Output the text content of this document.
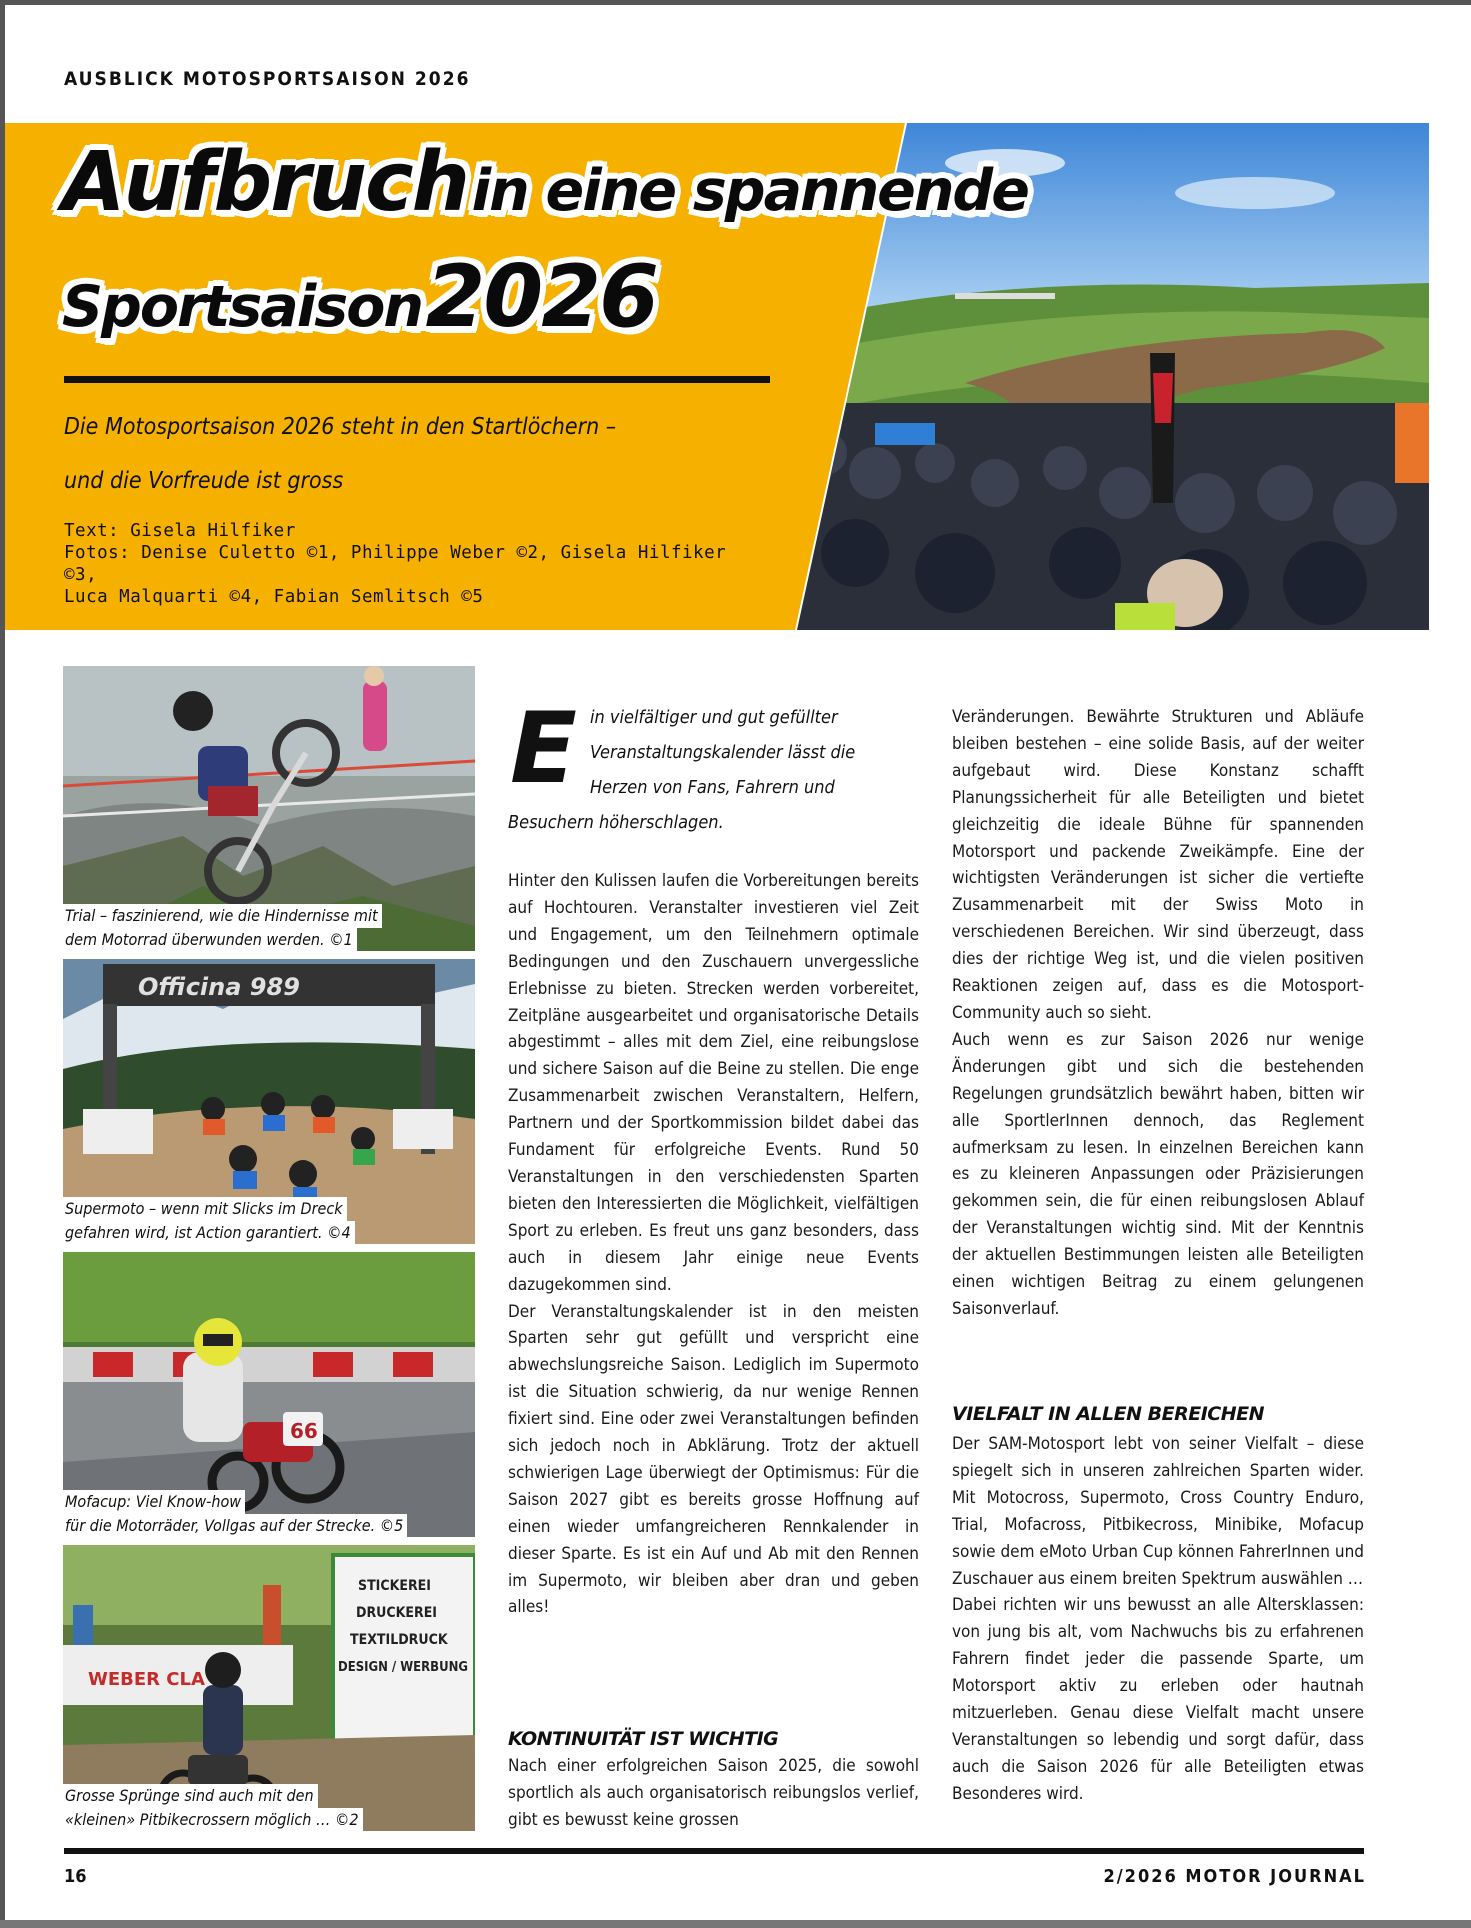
AUSBLICK MOTOSPORTSAISON 2026

Aufbruch in eine spannende
Sportsaison 2026
Die Motosportsaison 2026 steht in den Startlöchern –
und die Vorfreude ist gross
Text: Gisela Hilfiker
Fotos: Denise Culetto ©1, Philippe Weber ©2, Gisela Hilfiker ©3,
Luca Malquarti ©4, Fabian Semlitsch ©5
Trial – faszinierend, wie die Hindernisse mit
dem Motorrad überwunden werden. ©1
Officina 989
Supermoto – wenn mit Slicks im Dreck
gefahren wird, ist Action garantiert. ©4
66
Mofacup: Viel Know-how
für die Motorräder, Vollgas auf der Strecke. ©5
WEBER CLA
STICKEREI
DRUCKEREI
TEXTILDRUCK
DESIGN / WERBUNG
Grosse Sprünge sind auch mit den
«kleinen» Pitbikecrossern möglich … ©2
E in vielfältiger und gut gefüllter
Veranstaltungskalender lässt die
Herzen von Fans, Fahrern und
Besuchern höherschlagen.

Hinter den Kulissen laufen die Vorbereitungen bereits auf Hochtouren. Veranstalter investieren viel Zeit und Engagement, um den Teilnehmern optimale Bedingungen und den Zuschauern unvergessliche Erlebnisse zu bieten. Strecken werden vorbereitet, Zeitpläne ausgearbeitet und organisatorische Details abgestimmt – alles mit dem Ziel, eine reibungslose und sichere Saison auf die Beine zu stellen. Die enge Zusammenarbeit zwischen Veranstaltern, Helfern, Partnern und der Sportkommission bildet dabei das Fundament für erfolgreiche Events. Rund 50 Veranstaltungen in den verschiedensten Sparten bieten den Interessierten die Möglichkeit, vielfältigen Sport zu erleben. Es freut uns ganz besonders, dass auch in diesem Jahr einige neue Events dazugekommen sind.

Der Veranstaltungskalender ist in den meisten Sparten sehr gut gefüllt und verspricht eine abwechslungsreiche Saison. Lediglich im Supermoto ist die Situation schwierig, da nur wenige Rennen fixiert sind. Eine oder zwei Veranstaltungen befinden sich jedoch noch in Abklärung. Trotz der aktuell schwierigen Lage überwiegt der Optimismus: Für die Saison 2027 gibt es bereits grosse Hoffnung auf einen wieder umfangreicheren Rennkalender in dieser Sparte. Es ist ein Auf und Ab mit den Rennen im Supermoto, wir bleiben aber dran und geben alles!

KONTINUITÄT IST WICHTIG

Nach einer erfolgreichen Saison 2025, die sowohl sportlich als auch organisatorisch reibungslos verlief, gibt es bewusst keine grossen

Veränderungen. Bewährte Strukturen und Abläufe bleiben bestehen – eine solide Basis, auf der weiter aufgebaut wird. Diese Konstanz schafft Planungssicherheit für alle Beteiligten und bietet gleichzeitig die ideale Bühne für spannenden Motorsport und packende Zweikämpfe. Eine der wichtigsten Veränderungen ist sicher die vertiefte Zusammenarbeit mit der Swiss Moto in verschiedenen Bereichen. Wir sind überzeugt, dass dies der richtige Weg ist, und die vielen positiven Reaktionen zeigen auf, dass es die Motosport-Community auch so sieht.

Auch wenn es zur Saison 2026 nur wenige Änderungen gibt und sich die bestehenden Regelungen grundsätzlich bewährt haben, bitten wir alle SportlerInnen dennoch, das Reglement aufmerksam zu lesen. In einzelnen Bereichen kann es zu kleineren Anpassungen oder Präzisierungen gekommen sein, die für einen reibungslosen Ablauf der Veranstaltungen wichtig sind. Mit der Kenntnis der aktuellen Bestimmungen leisten alle Beteiligten einen wichtigen Beitrag zu einem gelungenen Saisonverlauf.

VIELFALT IN ALLEN BEREICHEN

Der SAM-Motosport lebt von seiner Vielfalt – diese spiegelt sich in unseren zahlreichen Sparten wider. Mit Motocross, Supermoto, Cross Country Enduro, Trial, Mofacross, Pitbikecross, Minibike, Mofacup sowie dem eMoto Urban Cup können FahrerInnen und Zuschauer aus einem breiten Spektrum auswählen …

Dabei richten wir uns bewusst an alle Altersklassen: von jung bis alt, vom Nachwuchs bis zu erfahrenen Fahrern findet jeder die passende Sparte, um Motorsport aktiv zu erleben oder hautnah mitzuerleben. Genau diese Vielfalt macht unsere Veranstaltungen so lebendig und sorgt dafür, dass auch die Saison 2026 für alle Beteiligten etwas Besonderes wird.

16	2/2026 MOTOR JOURNAL
